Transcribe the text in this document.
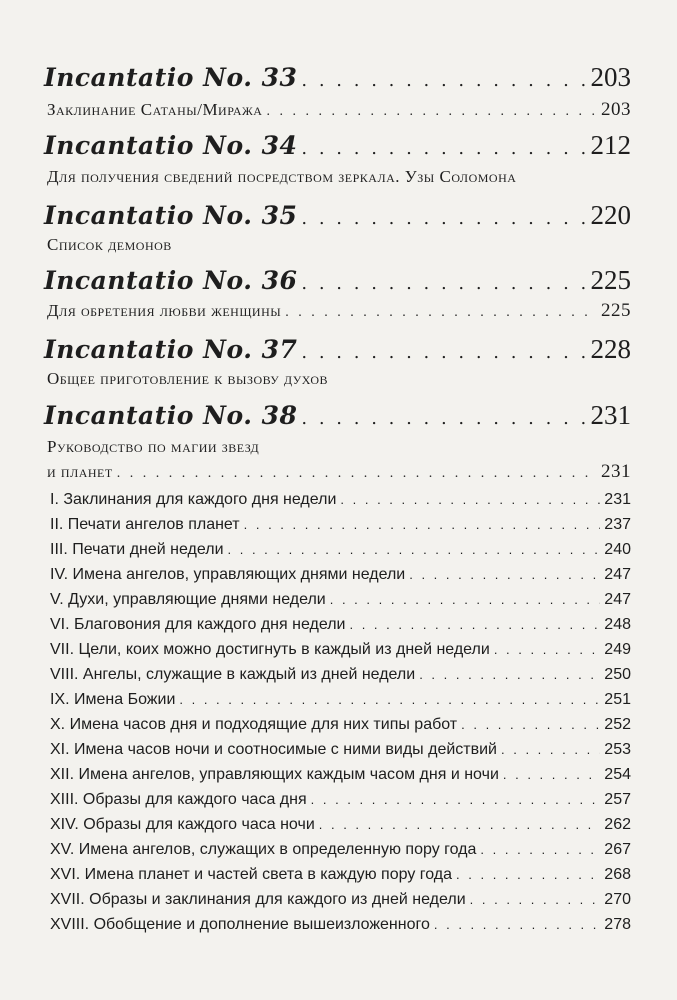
Incantatio No. 33 . . .	203
Заклинание Сатаны/Миража . . .	203
Incantatio No. 34 . . .	212
Для получения сведений посредством зеркала. Узы Соломона
Incantatio No. 35 . . .	220
Список демонов
Incantatio No. 36 . . .	225
Для обретения любви женщины . . .	225
Incantatio No. 37 . . .	228
Общее приготовление к вызову духов
Incantatio No. 38 . . .	231
Руководство по магии звезд
и планет . . .	231
I. Заклинания для каждого дня недели . . .	231
II. Печати ангелов планет . . .	237
III. Печати дней недели . . .	240
IV. Имена ангелов, управляющих днями недели . . .	247
V. Духи, управляющие днями недели . . .	247
VI. Благовония для каждого дня недели . . .	248
VII. Цели, коих можно достигнуть в каждый из дней недели . . .	249
VIII. Ангелы, служащие в каждый из дней недели . . .	250
IX. Имена Божии . . .	251
X. Имена часов дня и подходящие для них типы работ . . .	252
XI. Имена часов ночи и соотносимые с ними виды действий . . .	253
XII. Имена ангелов, управляющих каждым часом дня и ночи . . .	254
XIII. Образы для каждого часа дня . . .	257
XIV. Образы для каждого часа ночи . . .	262
XV. Имена ангелов, служащих в определенную пору года . . .	267
XVI. Имена планет и частей света в каждую пору года . . .	268
XVII. Образы и заклинания для каждого из дней недели . . .	270
XVIII. Обобщение и дополнение вышеизложенного . . .	278
